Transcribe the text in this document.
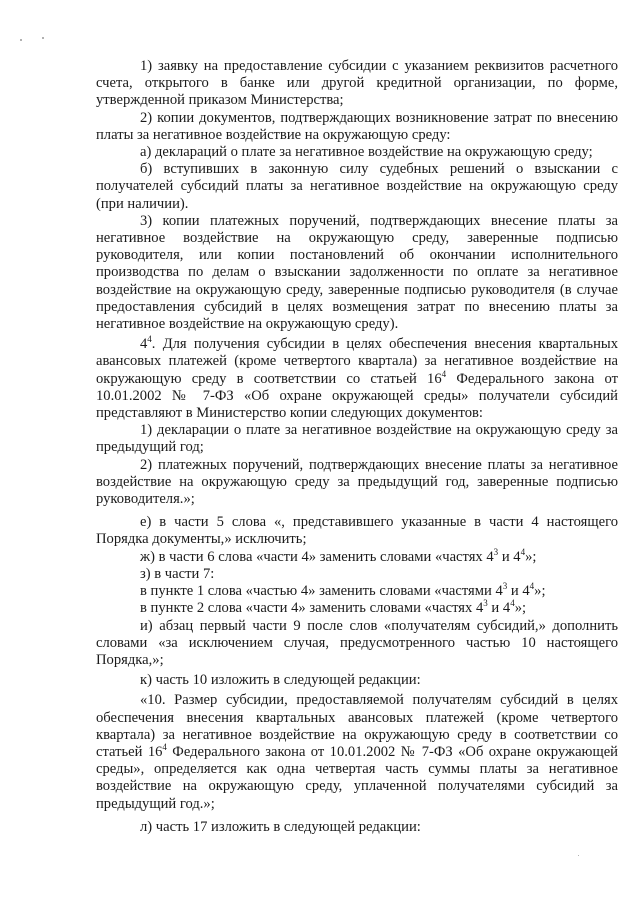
1) заявку на предоставление субсидии с указанием реквизитов расчетного счета, открытого в банке или другой кредитной организации, по форме, утвержденной приказом Министерства;

2) копии документов, подтверждающих возникновение затрат по внесению платы за негативное воздействие на окружающую среду:

а) деклараций о плате за негативное воздействие на окружающую среду;

б) вступивших в законную силу судебных решений о взыскании с получателей субсидий платы за негативное воздействие на окружающую среду (при наличии).

3) копии платежных поручений, подтверждающих внесение платы за негативное воздействие на окружающую среду, заверенные подписью руководителя, или копии постановлений об окончании исполнительного производства по делам о взыскании задолженности по оплате за негативное воздействие на окружающую среду, заверенные подписью руководителя (в случае предоставления субсидий в целях возмещения затрат по внесению платы за негативное воздействие на окружающую среду).

$4^4$. Для получения субсидии в целях обеспечения внесения квартальных авансовых платежей (кроме четвертого квартала) за негативное воздействие на окружающую среду в соответствии со статьей $16^4$ Федерального закона от 10.01.2002 № 7-ФЗ «Об охране окружающей среды» получатели субсидий представляют в Министерство копии следующих документов:

1) декларации о плате за негативное воздействие на окружающую среду за предыдущий год;

2) платежных поручений, подтверждающих внесение платы за негативное воздействие на окружающую среду за предыдущий год, заверенные подписью руководителя.»;

е) в части 5 слова «, представившего указанные в части 4 настоящего Порядка документы,» исключить;

ж) в части 6 слова «части 4» заменить словами «частях $4^3$ и $4^4$»;

з) в части 7:

в пункте 1 слова «частью 4» заменить словами «частями $4^3$ и $4^4$»;

в пункте 2 слова «части 4» заменить словами «частях $4^3$ и $4^4$»;

и) абзац первый части 9 после слов «получателям субсидий,» дополнить словами «за исключением случая, предусмотренного частью 10 настоящего Порядка,»;

к) часть 10 изложить в следующей редакции:

«10. Размер субсидии, предоставляемой получателям субсидий в целях обеспечения внесения квартальных авансовых платежей (кроме четвертого квартала) за негативное воздействие на окружающую среду в соответствии со статьей $16^4$ Федерального закона от 10.01.2002 № 7-ФЗ «Об охране окружающей среды», определяется как одна четвертая часть суммы платы за негативное воздействие на окружающую среду, уплаченной получателями субсидий за предыдущий год.»;

л) часть 17 изложить в следующей редакции:
